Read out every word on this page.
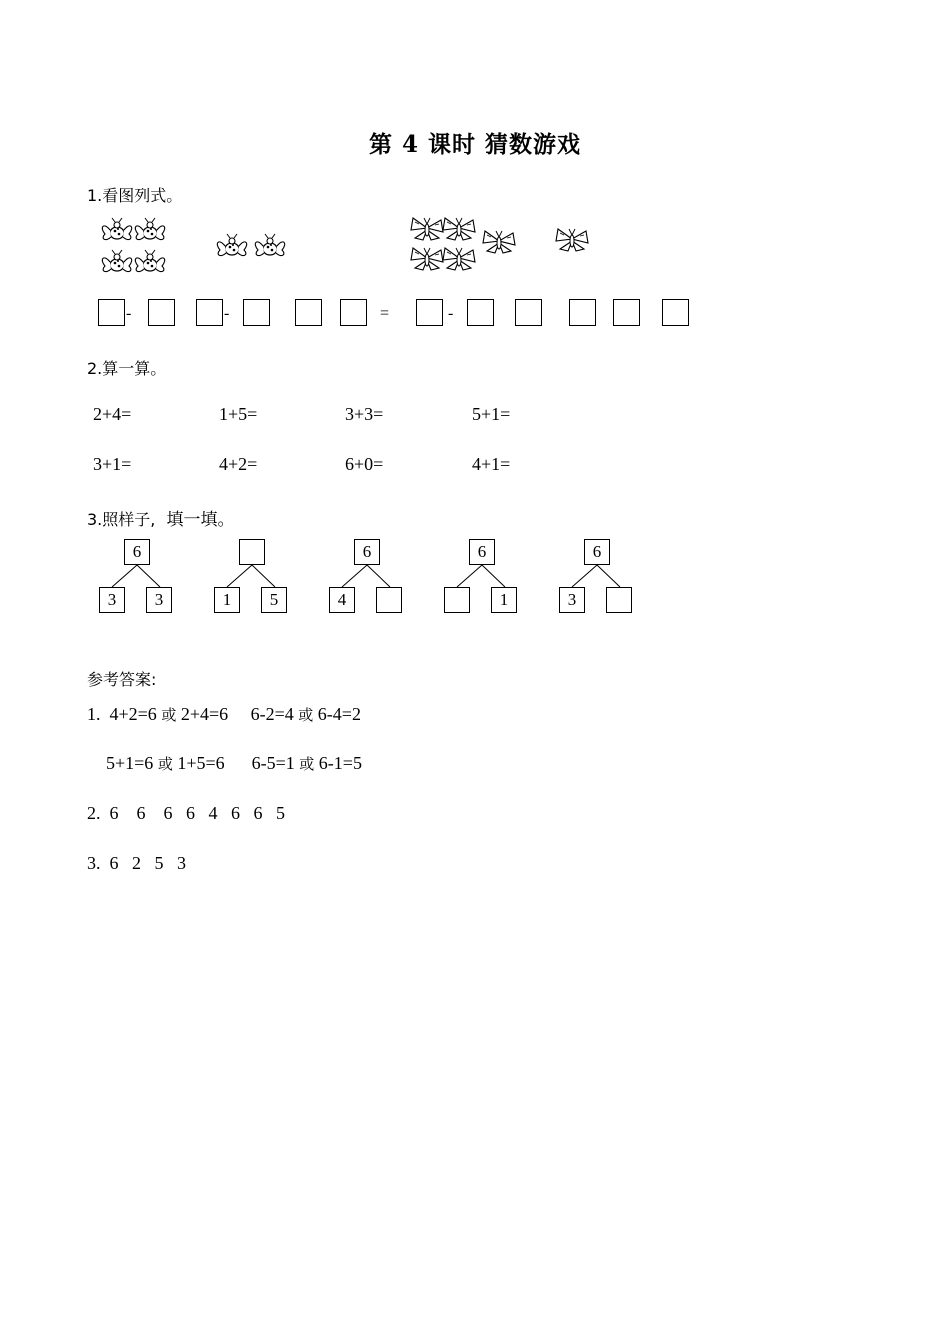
第 4 课时 猜数游戏
1.看图列式。
-	-	=	-
2.算一算。
2+4=	1+5=	3+3=	5+1=
3+1=	4+2=	6+0=	4+1=
3.照样子, 填一填。
6
3	3	1	5
6
4
6
1
6
3
参考答案:
1.  4+2=6 或 2+4=6     6-2=4 或 6-4=2
5+1=6 或 1+5=6      6-5=1 或 6-1=5
2.  6    6    6   6   4   6   6   5
3.  6   2   5   3
